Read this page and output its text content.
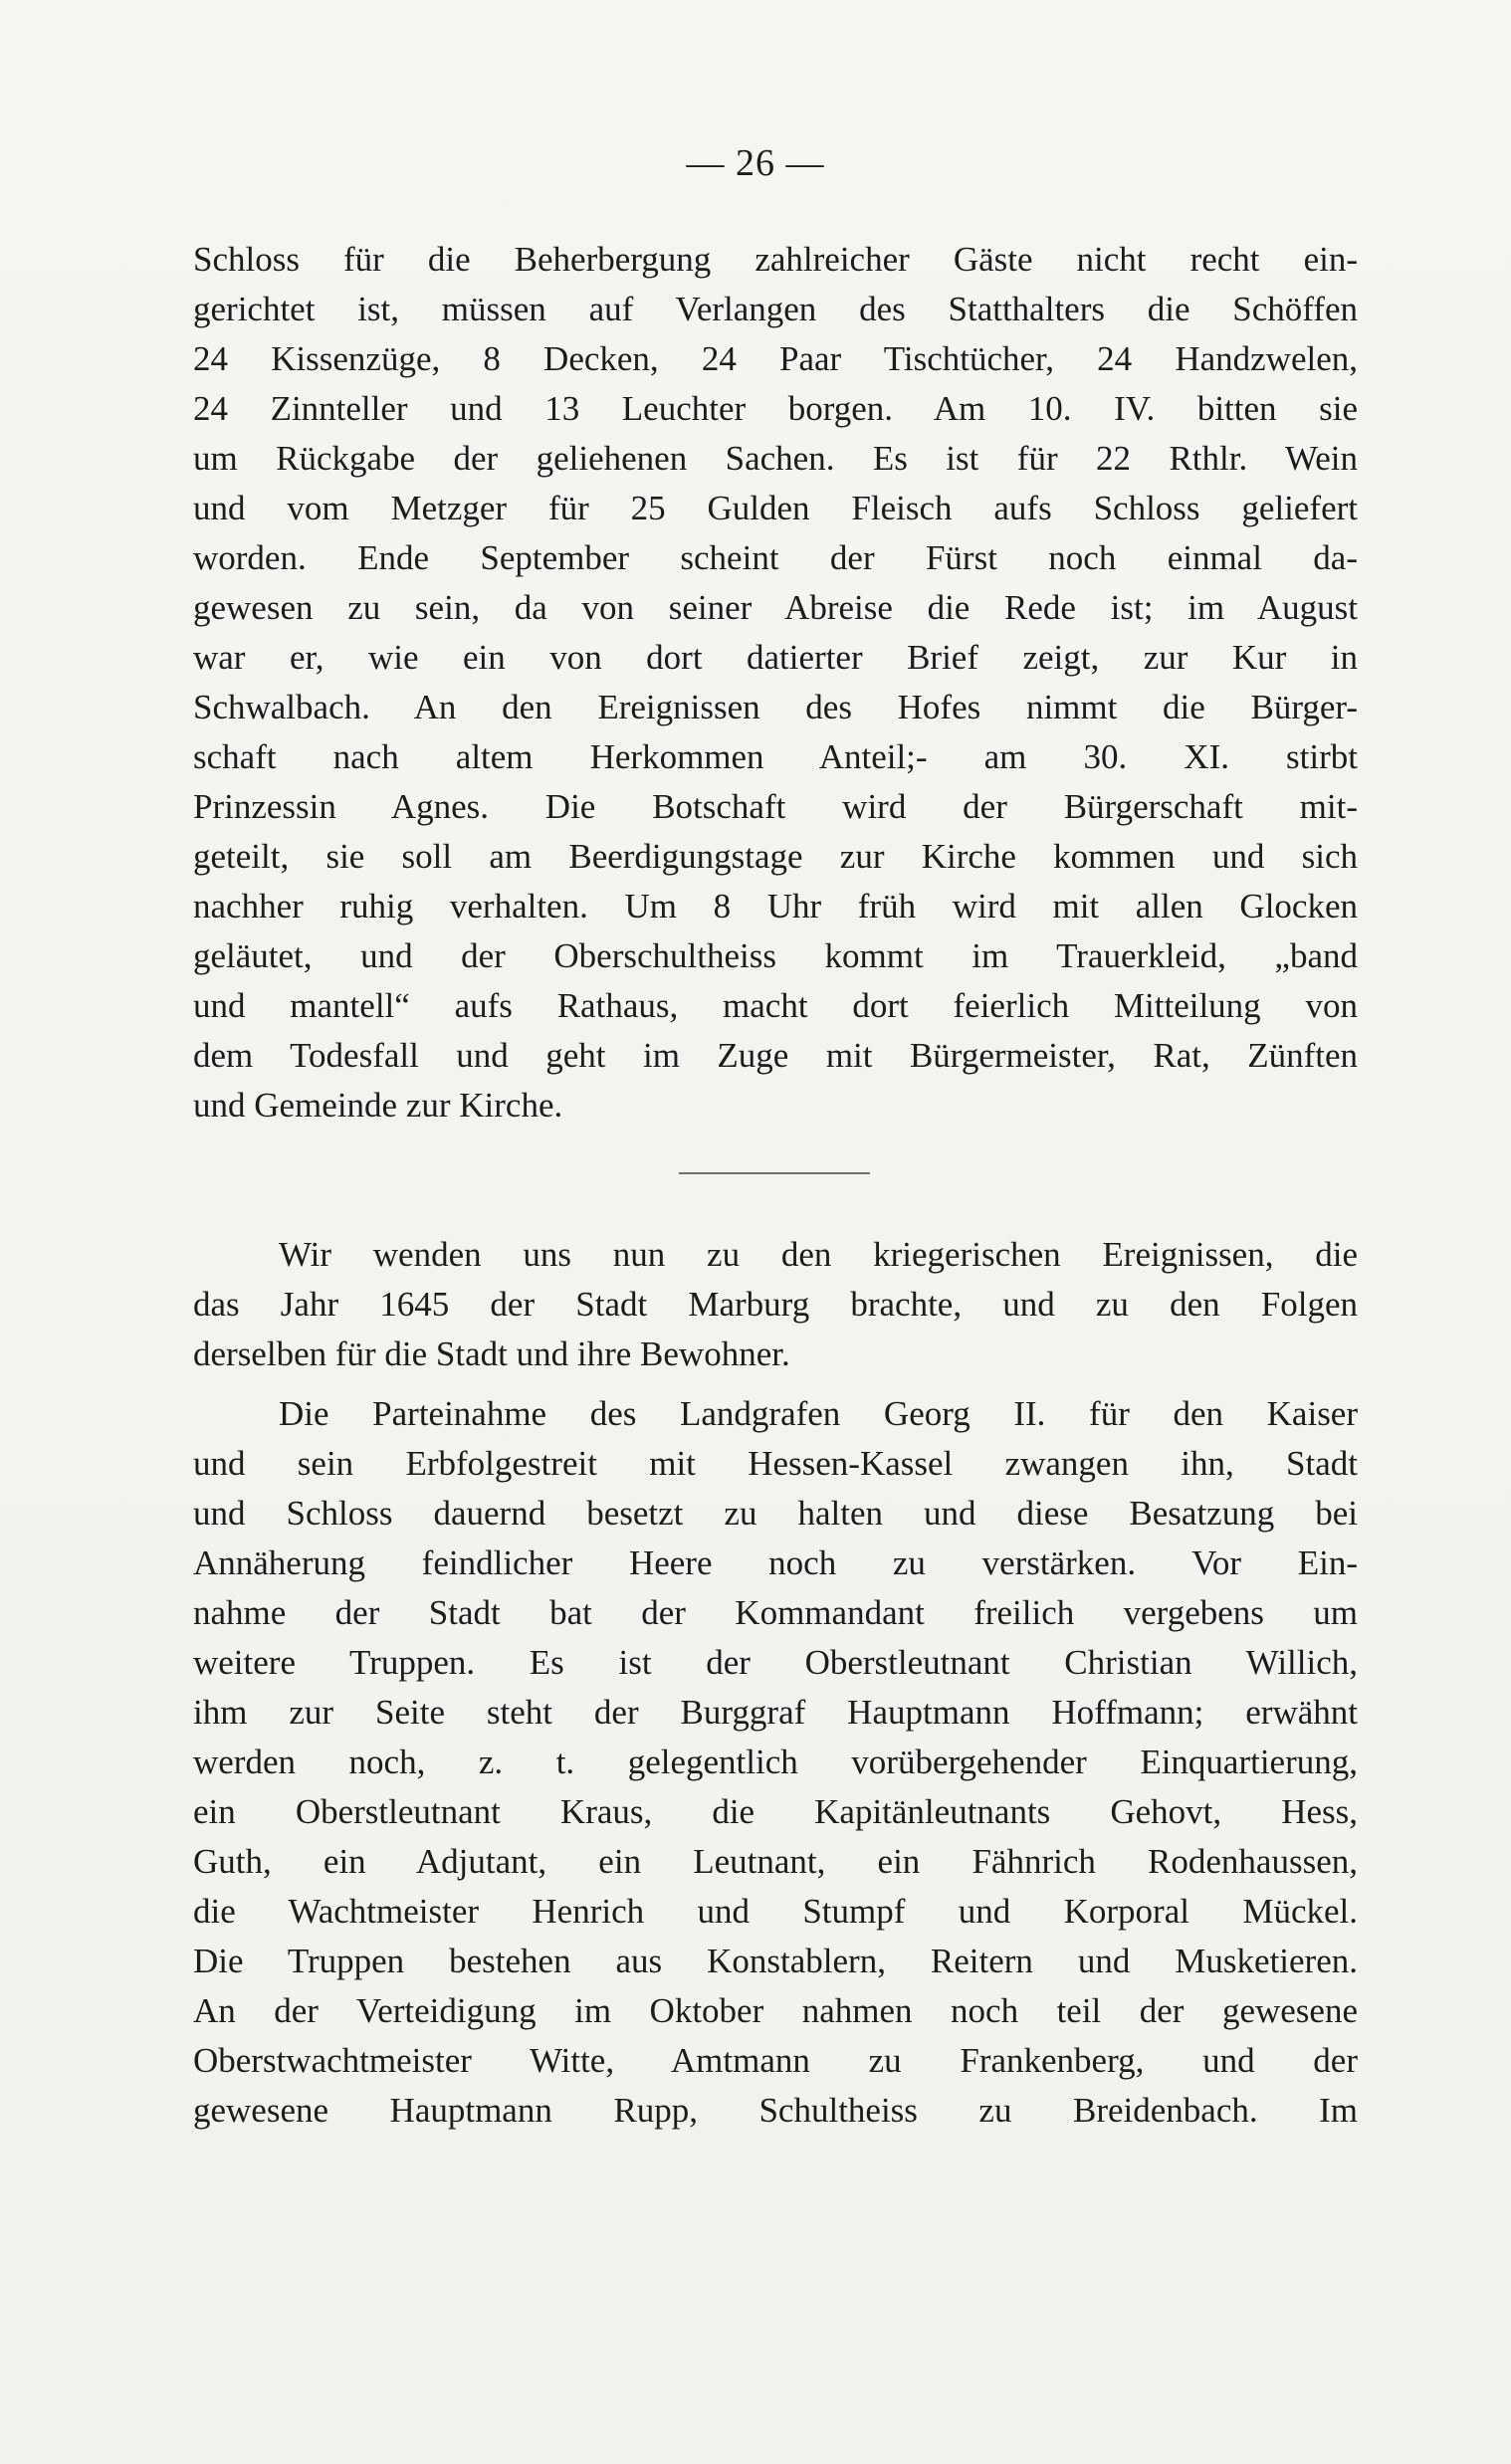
— 26 —
Schloss für die Beherbergung zahlreicher Gäste nicht recht ein-
gerichtet ist, müssen auf Verlangen des Statthalters die Schöffen
24 Kissenzüge, 8 Decken, 24 Paar Tischtücher, 24 Handzwelen,
24 Zinnteller und 13 Leuchter borgen. Am 10. IV. bitten sie
um Rückgabe der geliehenen Sachen. Es ist für 22 Rthlr. Wein
und vom Metzger für 25 Gulden Fleisch aufs Schloss geliefert
worden. Ende September scheint der Fürst noch einmal da-
gewesen zu sein, da von seiner Abreise die Rede ist; im August
war er, wie ein von dort datierter Brief zeigt, zur Kur in
Schwalbach. An den Ereignissen des Hofes nimmt die Bürger-
schaft nach altem Herkommen Anteil;- am 30. XI. stirbt
Prinzessin Agnes. Die Botschaft wird der Bürgerschaft mit-
geteilt, sie soll am Beerdigungstage zur Kirche kommen und sich
nachher ruhig verhalten. Um 8 Uhr früh wird mit allen Glocken
geläutet, und der Oberschultheiss kommt im Trauerkleid, „band
und mantell“ aufs Rathaus, macht dort feierlich Mitteilung von
dem Todesfall und geht im Zuge mit Bürgermeister, Rat, Zünften
und Gemeinde zur Kirche.
Wir wenden uns nun zu den kriegerischen Ereignissen, die
das Jahr 1645 der Stadt Marburg brachte, und zu den Folgen
derselben für die Stadt und ihre Bewohner.
Die Parteinahme des Landgrafen Georg II. für den Kaiser
und sein Erbfolgestreit mit Hessen-Kassel zwangen ihn, Stadt
und Schloss dauernd besetzt zu halten und diese Besatzung bei
Annäherung feindlicher Heere noch zu verstärken. Vor Ein-
nahme der Stadt bat der Kommandant freilich vergebens um
weitere Truppen. Es ist der Oberstleutnant Christian Willich,
ihm zur Seite steht der Burggraf Hauptmann Hoffmann; erwähnt
werden noch, z. t. gelegentlich vorübergehender Einquartierung,
ein Oberstleutnant Kraus, die Kapitänleutnants Gehovt, Hess,
Guth, ein Adjutant, ein Leutnant, ein Fähnrich Rodenhaussen,
die Wachtmeister Henrich und Stumpf und Korporal Mückel.
Die Truppen bestehen aus Konstablern, Reitern und Musketieren.
An der Verteidigung im Oktober nahmen noch teil der gewesene
Oberstwachtmeister Witte, Amtmann zu Frankenberg, und der
gewesene Hauptmann Rupp, Schultheiss zu Breidenbach. Im
